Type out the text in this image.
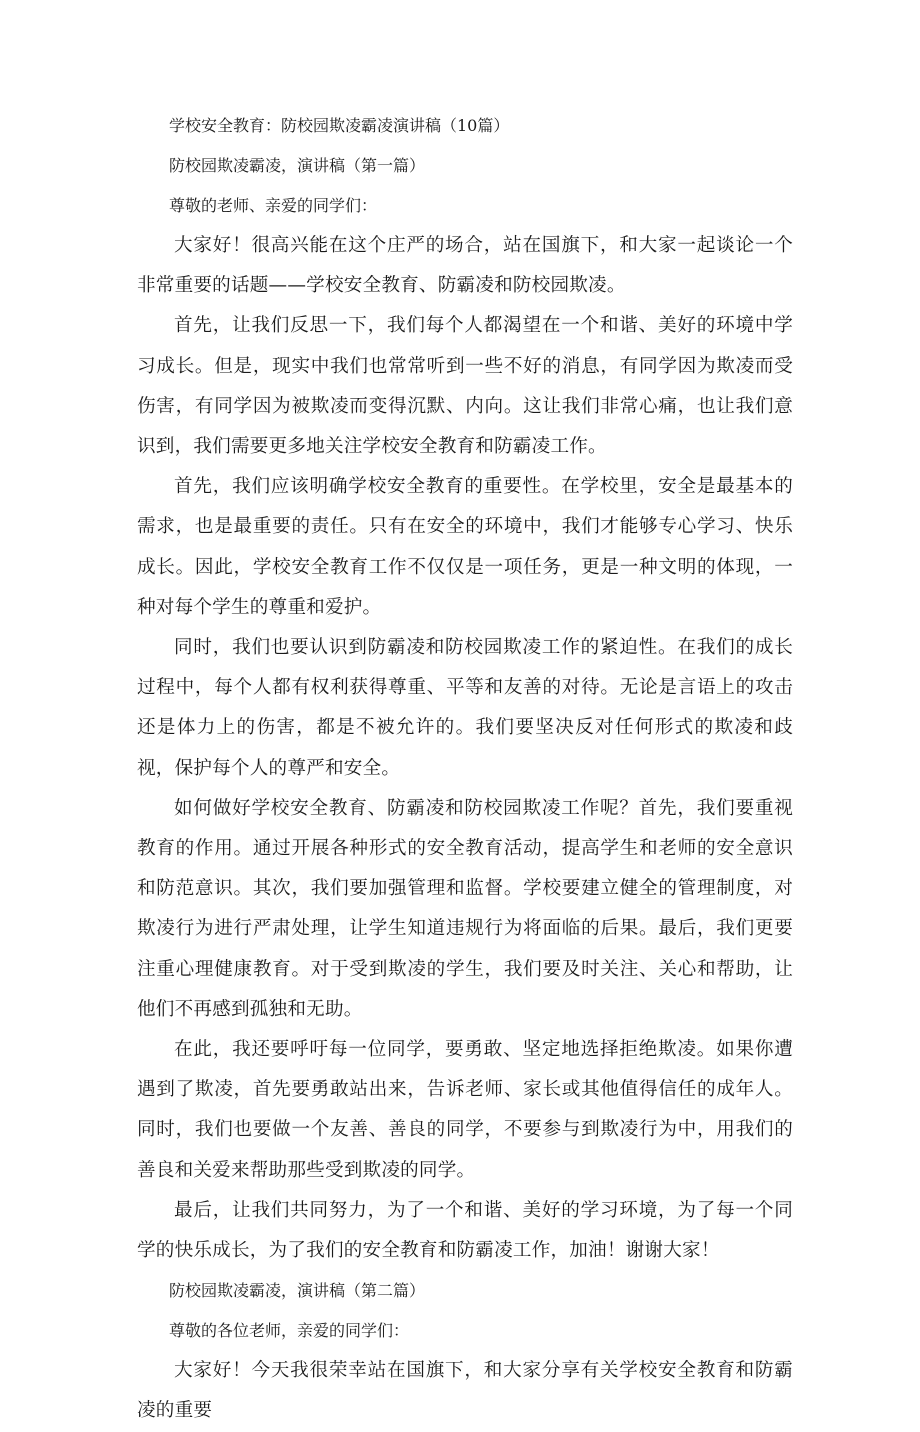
学校安全教育：防校园欺凌霸凌演讲稿（10篇）

防校园欺凌霸凌，演讲稿（第一篇）

尊敬的老师、亲爱的同学们：

大家好！很高兴能在这个庄严的场合，站在国旗下，和大家一起谈论一个非常重要的话题——学校安全教育、防霸凌和防校园欺凌。

首先，让我们反思一下，我们每个人都渴望在一个和谐、美好的环境中学习成长。但是，现实中我们也常常听到一些不好的消息，有同学因为欺凌而受伤害，有同学因为被欺凌而变得沉默、内向。这让我们非常心痛，也让我们意识到，我们需要更多地关注学校安全教育和防霸凌工作。

首先，我们应该明确学校安全教育的重要性。在学校里，安全是最基本的需求，也是最重要的责任。只有在安全的环境中，我们才能够专心学习、快乐成长。因此，学校安全教育工作不仅仅是一项任务，更是一种文明的体现，一种对每个学生的尊重和爱护。

同时，我们也要认识到防霸凌和防校园欺凌工作的紧迫性。在我们的成长过程中，每个人都有权利获得尊重、平等和友善的对待。无论是言语上的攻击还是体力上的伤害，都是不被允许的。我们要坚决反对任何形式的欺凌和歧视，保护每个人的尊严和安全。

如何做好学校安全教育、防霸凌和防校园欺凌工作呢？首先，我们要重视教育的作用。通过开展各种形式的安全教育活动，提高学生和老师的安全意识和防范意识。其次，我们要加强管理和监督。学校要建立健全的管理制度，对欺凌行为进行严肃处理，让学生知道违规行为将面临的后果。最后，我们更要注重心理健康教育。对于受到欺凌的学生，我们要及时关注、关心和帮助，让他们不再感到孤独和无助。

在此，我还要呼吁每一位同学，要勇敢、坚定地选择拒绝欺凌。如果你遭遇到了欺凌，首先要勇敢站出来，告诉老师、家长或其他值得信任的成年人。同时，我们也要做一个友善、善良的同学，不要参与到欺凌行为中，用我们的善良和关爱来帮助那些受到欺凌的同学。

最后，让我们共同努力，为了一个和谐、美好的学习环境，为了每一个同学的快乐成长，为了我们的安全教育和防霸凌工作，加油！谢谢大家！

防校园欺凌霸凌，演讲稿（第二篇）

尊敬的各位老师，亲爱的同学们：

大家好！今天我很荣幸站在国旗下，和大家分享有关学校安全教育和防霸凌的重要
